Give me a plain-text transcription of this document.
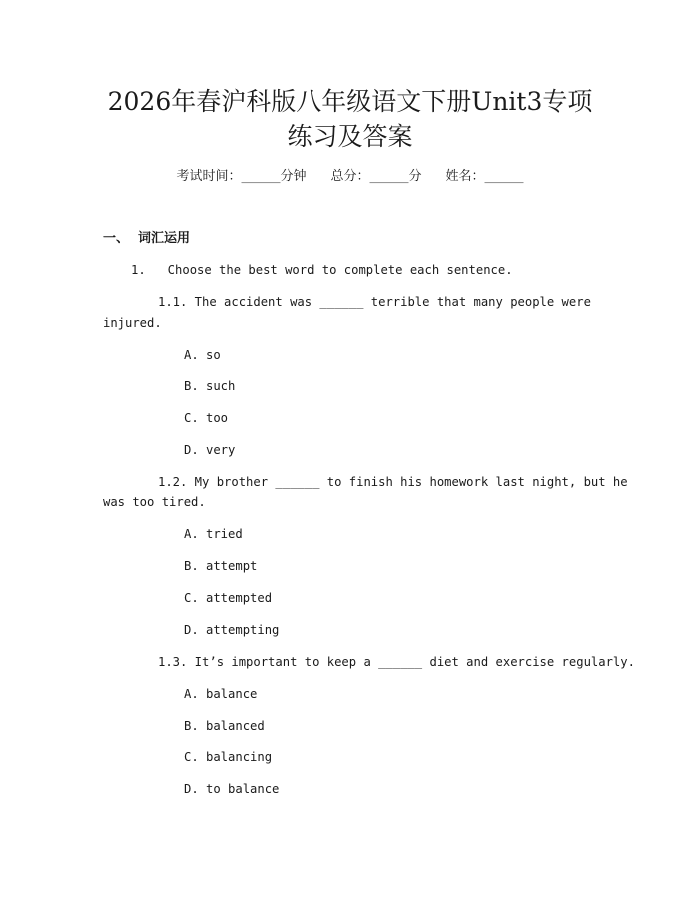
2026年春沪科版八年级语文下册Unit3专项
练习及答案
考试时间：______分钟 总分：______分 姓名：______
一、 词汇运用
1.   Choose the best word to complete each sentence.
1.1. The accident was ______ terrible that many people were
injured.
A. so
B. such
C. too
D. very
1.2. My brother ______ to finish his homework last night, but he
was too tired.
A. tried
B. attempt
C. attempted
D. attempting
1.3. It’s important to keep a ______ diet and exercise regularly.
A. balance
B. balanced
C. balancing
D. to balance
